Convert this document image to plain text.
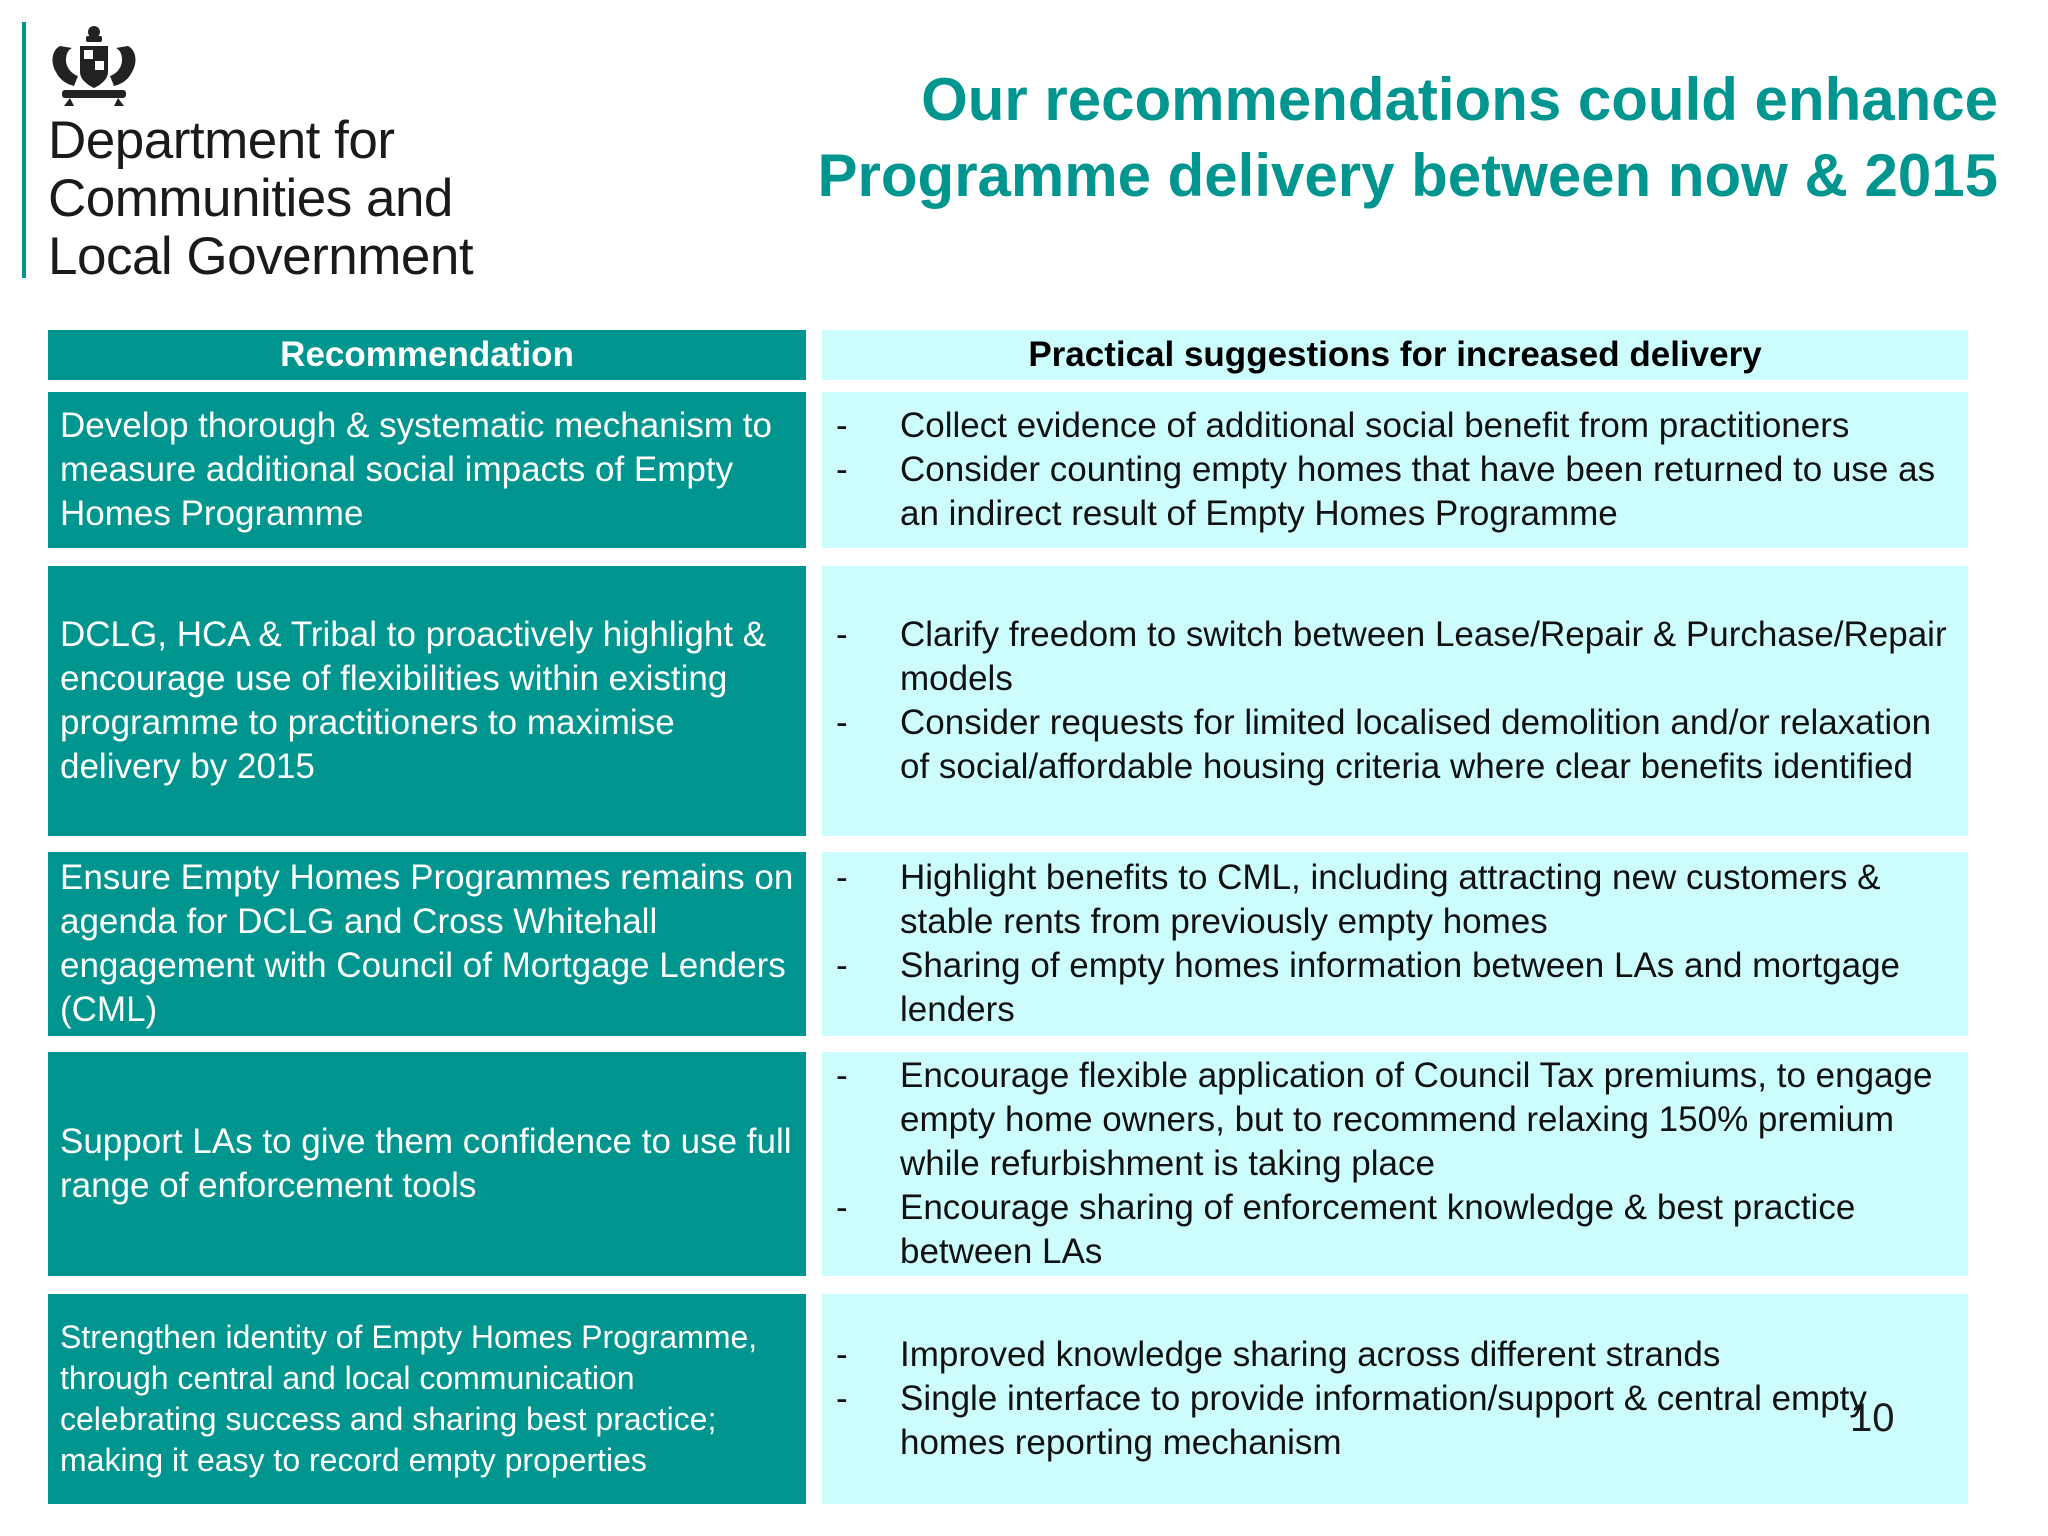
Department for
Communities and
Local Government
Our recommendations could enhance
Programme delivery between now & 2015
Recommendation	Practical suggestions for increased delivery
Develop thorough & systematic mechanism to measure additional social impacts of Empty Homes Programme
-	Collect evidence of additional social benefit from practitioners
-	Consider counting empty homes that have been returned to use as an indirect result of Empty Homes Programme
DCLG, HCA & Tribal to proactively highlight & encourage use of flexibilities within existing programme to practitioners to maximise delivery by 2015
-	Clarify freedom to switch between Lease/Repair & Purchase/Repair models
-	Consider requests for limited localised demolition and/or relaxation of social/affordable housing criteria where clear benefits identified
Ensure Empty Homes Programmes remains on agenda for DCLG and Cross Whitehall engagement with Council of Mortgage Lenders (CML)
-	Highlight benefits to CML, including attracting new customers & stable rents from previously empty homes
-	Sharing of empty homes information between LAs and mortgage lenders
Support LAs to give them confidence to use full range of enforcement tools
-	Encourage flexible application of Council Tax premiums, to engage empty home owners, but to recommend relaxing 150% premium while refurbishment is taking place
-	Encourage sharing of enforcement knowledge & best practice between LAs
Strengthen identity of Empty Homes Programme, through central and local communication celebrating success and sharing best practice; making it easy to record empty properties
-	Improved knowledge sharing across different strands
-	Single interface to provide information/support & central empty homes reporting mechanism
10
